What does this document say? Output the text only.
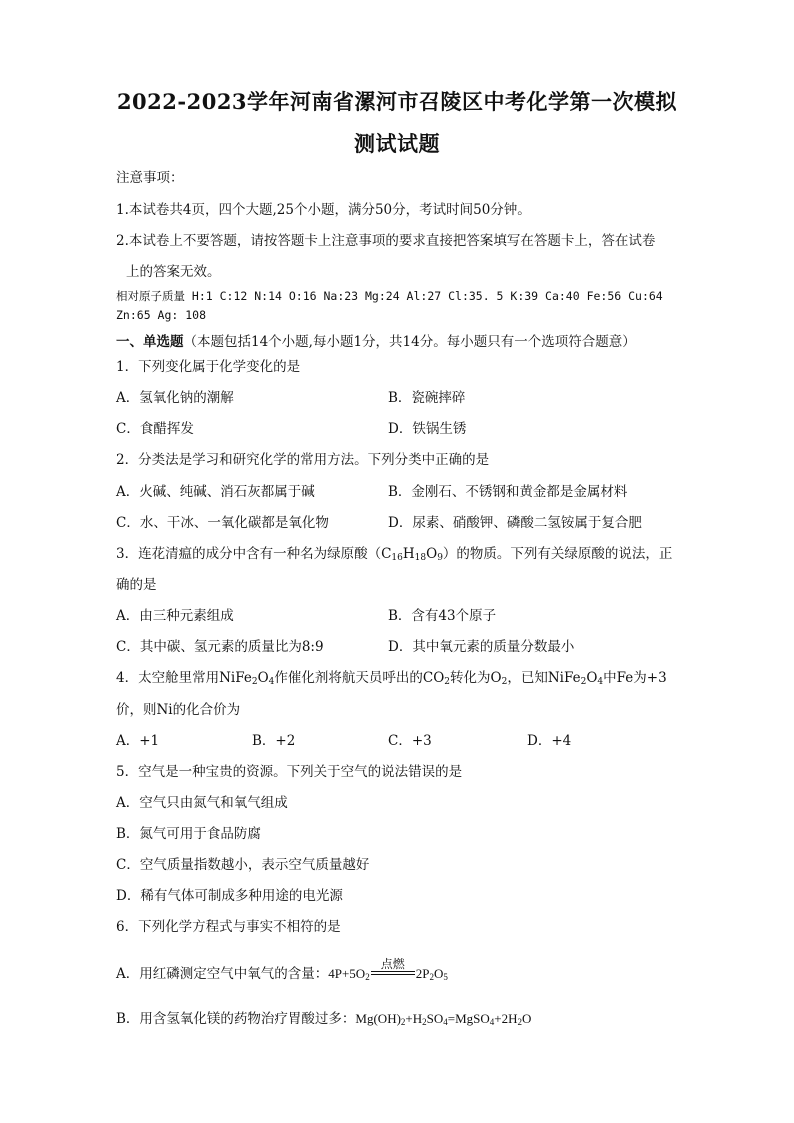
2022-2023学年河南省漯河市召陵区中考化学第一次模拟
测试试题
注意事项：
1.本试卷共4页，四个大题,25个小题，满分50分，考试时间50分钟。
2.本试卷上不要答题，请按答题卡上注意事项的要求直接把答案填写在答题卡上，答在试卷
上的答案无效。
相对原子质量 H:1 C:12 N:14 O:16 Na:23 Mg:24 Al:27 Cl:35. 5 K:39 Ca:40 Fe:56 Cu:64
Zn:65 Ag: 108
一、单选题（本题包括14个小题,每小题1分，共14分。每小题只有一个选项符合题意）
1．下列变化属于化学变化的是
A．氢氧化钠的潮解	B．瓷碗摔碎
C．食醋挥发	D．铁锅生锈
2．分类法是学习和研究化学的常用方法。下列分类中正确的是
A．火碱、纯碱、消石灰都属于碱	B．金刚石、不锈钢和黄金都是金属材料
C．水、干冰、一氧化碳都是氧化物	D．尿素、硝酸钾、磷酸二氢铵属于复合肥
3．连花清瘟的成分中含有一种名为绿原酸$(C_{16}H_{18}O_9)$的物质。下列有关绿原酸的说法，正
确的是
A．由三种元素组成	B．含有43个原子
C．其中碳、氢元素的质量比为8:9	D．其中氧元素的质量分数最小
4．太空舱里常用$NiFe_2O_4$作催化剂将航天员呼出的$CO_2$转化为$O_2$，已知$NiFe_2O_4$中Fe为+3
价，则Ni的化合价为
A．+1	B．+2	C．+3	D．+4
5．空气是一种宝贵的资源。下列关于空气的说法错误的是
A．空气只由氮气和氧气组成
B．氮气可用于食品防腐
C．空气质量指数越小，表示空气质量越好
D．稀有气体可制成多种用途的电光源
6．下列化学方程式与事实不相符的是
A．用红磷测定空气中氧气的含量：$4P+5O_2$
点燃
$2P_2O_5$
B．用含氢氧化镁的药物治疗胃酸过多：$Mg(OH)_2+H_2SO_4=MgSO_4+2H_2O$
